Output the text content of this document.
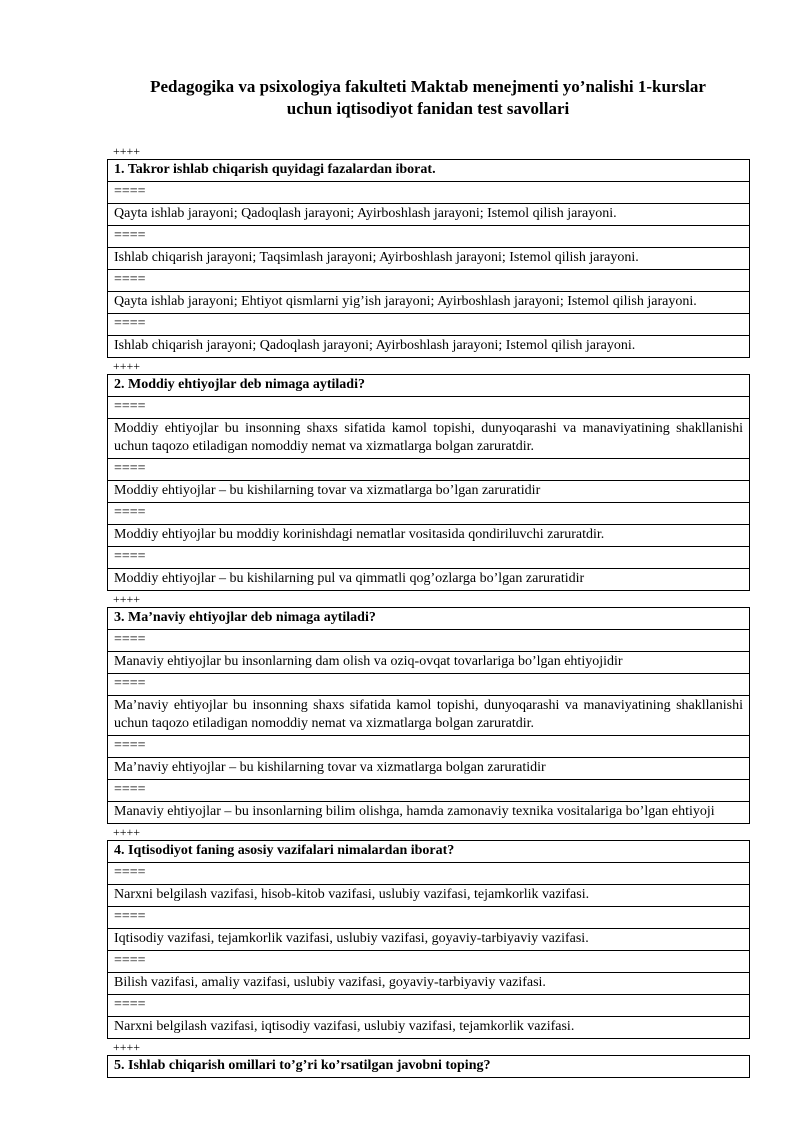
Pedagogika va psixologiya fakulteti Maktab menejmenti yo’nalishi 1-kurslar
uchun iqtisodiyot fanidan test savollari
++++
1. Takror ishlab chiqarish quyidagi fazalardan iborat.
====
Qayta ishlab jarayoni; Qadoqlash jarayoni; Ayirboshlash jarayoni; Istemol qilish jarayoni.
====
Ishlab chiqarish jarayoni; Taqsimlash jarayoni; Ayirboshlash jarayoni; Istemol qilish jarayoni.
====
Qayta ishlab jarayoni; Ehtiyot qismlarni yig’ish jarayoni; Ayirboshlash jarayoni; Istemol qilish jarayoni.
====
Ishlab chiqarish jarayoni; Qadoqlash jarayoni; Ayirboshlash jarayoni; Istemol qilish jarayoni.
++++
2. Moddiy ehtiyojlar deb nimaga aytiladi?
====
Moddiy ehtiyojlar bu insonning shaxs sifatida kamol topishi, dunyoqarashi va manaviyatining shakllanishi uchun taqozo etiladigan nomoddiy nemat va xizmatlarga bolgan zaruratdir.
====
Moddiy ehtiyojlar – bu kishilarning tovar va xizmatlarga bo’lgan zaruratidir
====
Moddiy ehtiyojlar bu moddiy korinishdagi nematlar vositasida qondiriluvchi zaruratdir.
====
Moddiy ehtiyojlar – bu kishilarning pul va qimmatli qog’ozlarga bo’lgan zaruratidir
++++
3. Ma’naviy ehtiyojlar deb nimaga aytiladi?
====
Manaviy ehtiyojlar bu insonlarning dam olish va oziq-ovqat tovarlariga bo’lgan ehtiyojidir
====
Ma’naviy ehtiyojlar bu insonning shaxs sifatida kamol topishi, dunyoqarashi va manaviyatining shakllanishi uchun taqozo etiladigan nomoddiy nemat va xizmatlarga bolgan zaruratdir.
====
Ma’naviy ehtiyojlar – bu kishilarning tovar va xizmatlarga bolgan zaruratidir
====
Manaviy ehtiyojlar – bu insonlarning bilim olishga, hamda zamonaviy texnika vositalariga bo’lgan ehtiyoji
++++
4. Iqtisodiyot faning asosiy vazifalari nimalardan iborat?
====
Narxni belgilash vazifasi, hisob-kitob vazifasi, uslubiy vazifasi, tejamkorlik vazifasi.
====
Iqtisodiy vazifasi, tejamkorlik vazifasi, uslubiy vazifasi, goyaviy-tarbiyaviy vazifasi.
====
Bilish vazifasi, amaliy vazifasi, uslubiy vazifasi, goyaviy-tarbiyaviy vazifasi.
====
Narxni belgilash vazifasi, iqtisodiy vazifasi, uslubiy vazifasi, tejamkorlik vazifasi.
++++
5. Ishlab chiqarish omillari to’g’ri ko’rsatilgan javobni toping?
